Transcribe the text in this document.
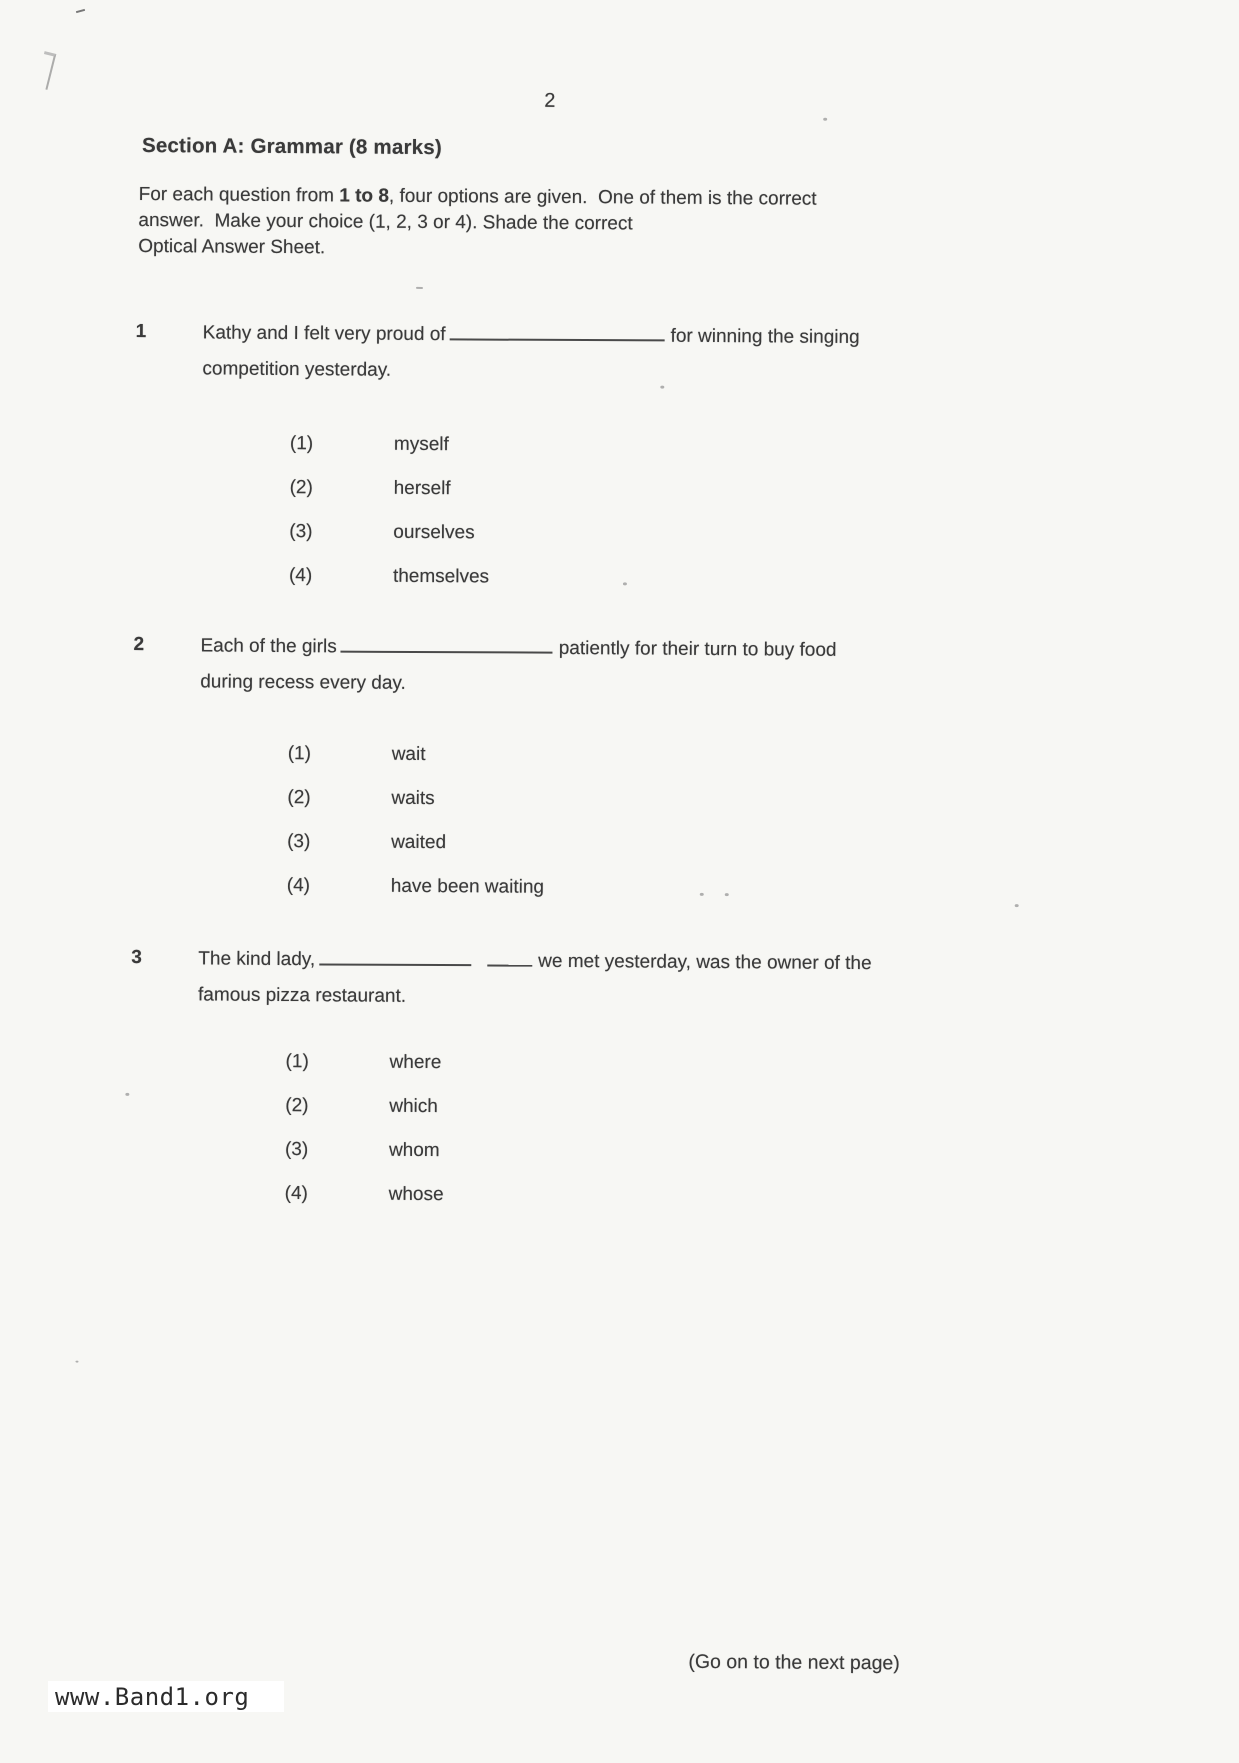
2
Section A: Grammar (8 marks)
For each question from 1 to 8, four options are given.  One of them is the correct
answer.  Make your choice (1, 2, 3 or 4). Shade the correct
Optical Answer Sheet.
1	Kathy and I felt very proud of	for winning the singing
competition yesterday.
(1)	myself
(2)	herself
(3)	ourselves
(4)	themselves
2	Each of the girls	patiently for their turn to buy food
during recess every day.
(1)	wait
(2)	waits
(3)	waited
(4)	have been waiting
3	The kind lady,	we met yesterday, was the owner of the
famous pizza restaurant.
(1)	where
(2)	which
(3)	whom
(4)	whose
(Go on to the next page)
www.Band1.org
